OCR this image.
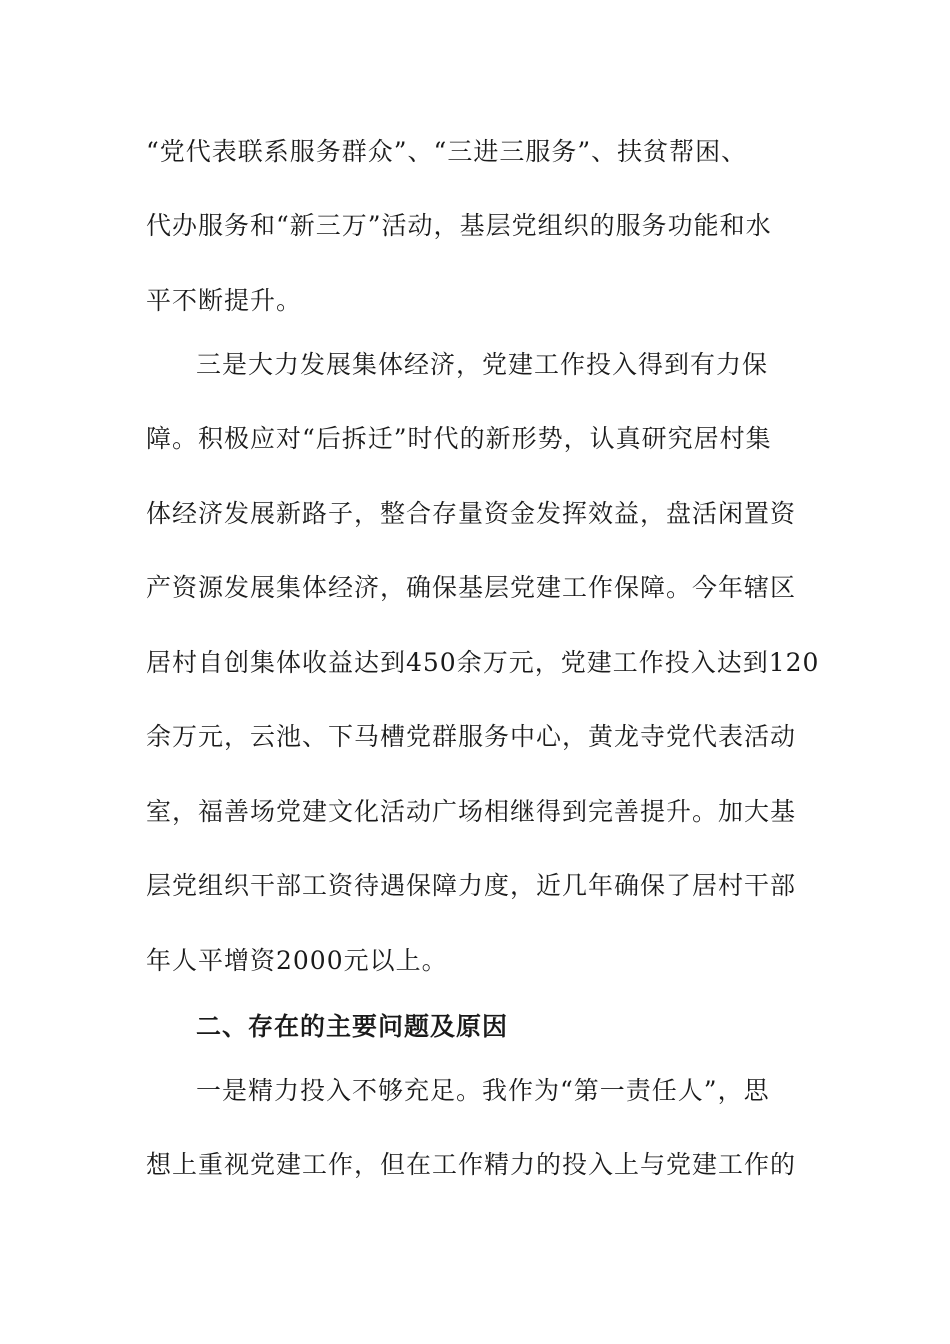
“党代表联系服务群众”、“三进三服务”、扶贫帮困、
代办服务和“新三万”活动，基层党组织的服务功能和水
平不断提升。
三是大力发展集体经济，党建工作投入得到有力保
障。积极应对“后拆迁”时代的新形势，认真研究居村集
体经济发展新路子，整合存量资金发挥效益，盘活闲置资
产资源发展集体经济，确保基层党建工作保障。今年辖区
居村自创集体收益达到450余万元，党建工作投入达到120
余万元，云池、下马槽党群服务中心，黄龙寺党代表活动
室，福善场党建文化活动广场相继得到完善提升。加大基
层党组织干部工资待遇保障力度，近几年确保了居村干部
年人平增资2000元以上。
二、存在的主要问题及原因
一是精力投入不够充足。我作为“第一责任人”，思
想上重视党建工作，但在工作精力的投入上与党建工作的
